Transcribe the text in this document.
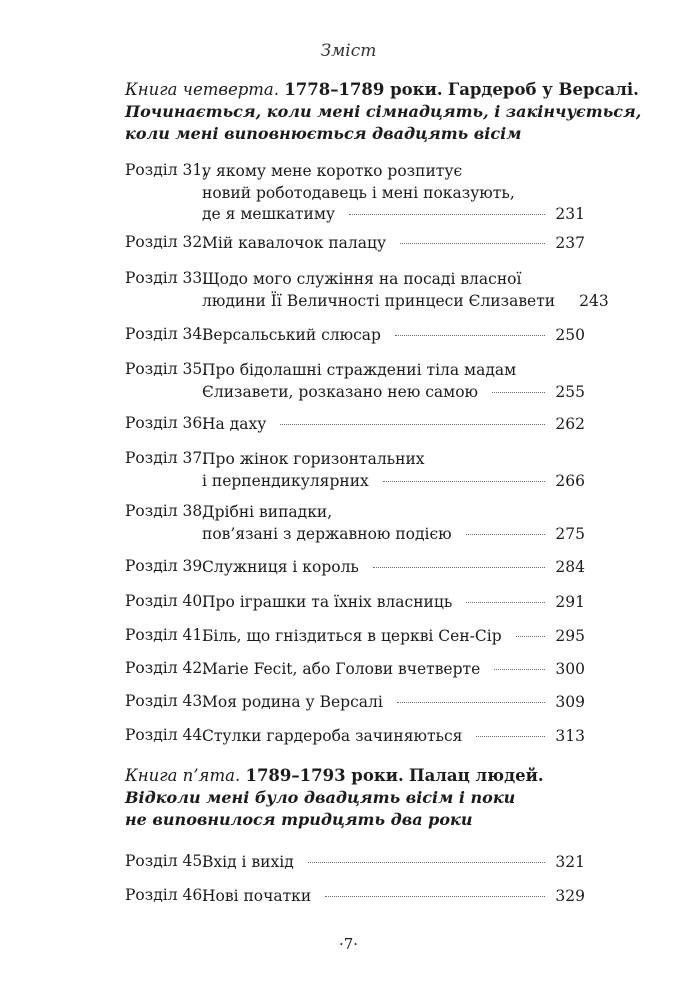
Зміст
Книга четверта. 1778–1789 роки. Гардероб у Версалі.
Починається, коли мені сімнадцять, і закінчується,
коли мені виповнюється двадцять вісім
Книга п’ята. 1789–1793 роки. Палац людей.
Відколи мені було двадцять вісім і поки
не виповнилося тридцять два роки
Розділ 31,
у якому мене коротко розпитує
новий роботодавець і мені показують,
де я мешкатиму	231
Розділ 32.
Мій кавалочок палацу	237
Розділ 33.
Щодо мого служіння на посаді власної
людини Її Величності принцеси Єлизавети 243
Розділ 34.
Версальський слюсар	250
Розділ 35.
Про бідолашні страждениі тіла мадам
Єлизавети, розказано нею самою	255
Розділ 36.
На даху	262
Розділ 37.
Про жінок горизонтальних
і перпендикулярних	266
Розділ 38.
Дрібні випадки,
пов’язані з державною подією	275
Розділ 39.
Служниця і король	284
Розділ 40.
Про іграшки та їхніх власниць	291
Розділ 41.
Біль, що гніздиться в церкві Сен-Сір	295
Розділ 42.
Marie Fecit, або Голови вчетверте	300
Розділ 43.
Моя родина у Версалі	309
Розділ 44.
Стулки гардероба зачиняються	313
Розділ 45.
Вхід і вихід	321
Розділ 46.
Нові початки	329
·7·
